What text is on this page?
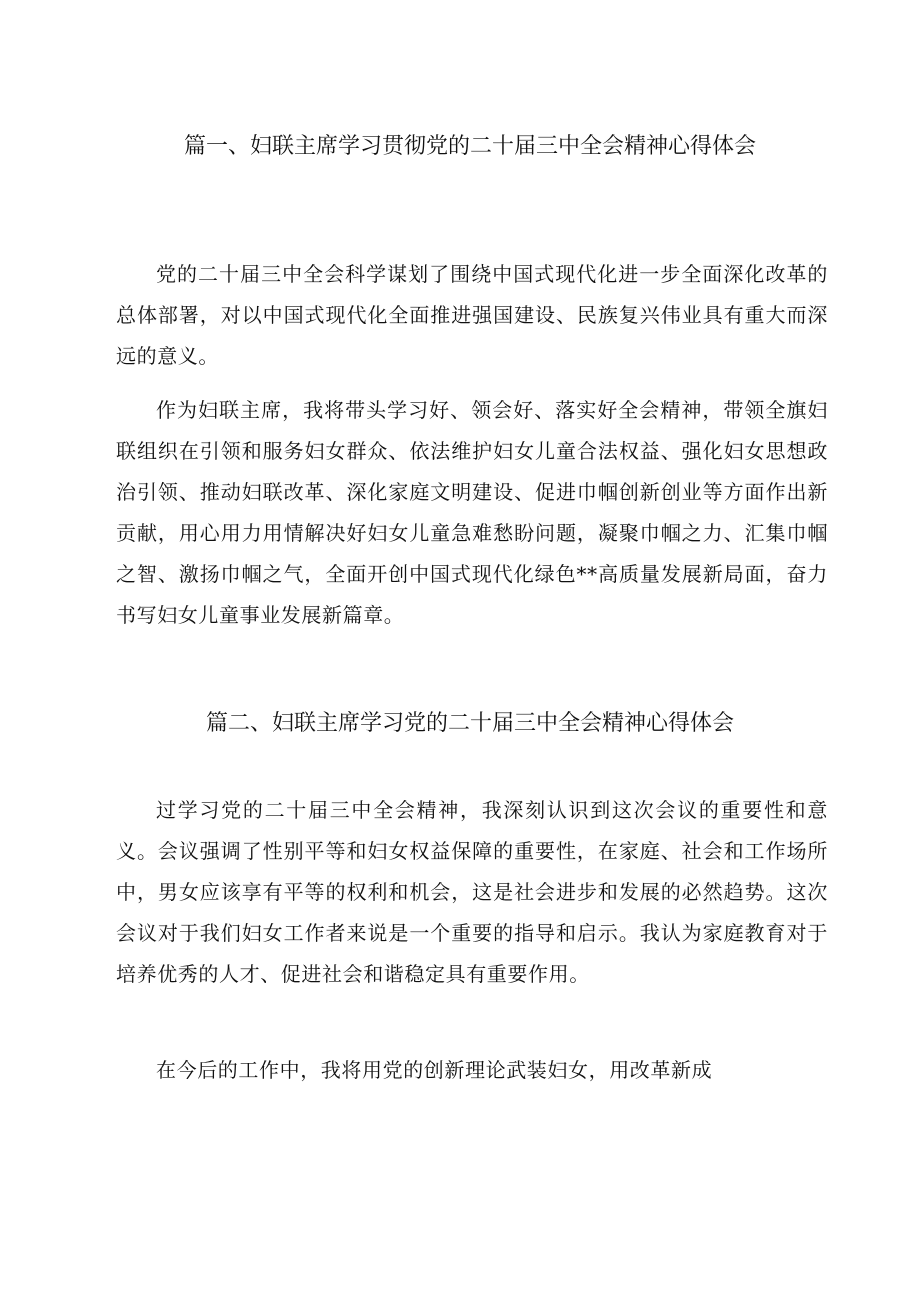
篇一、妇联主席学习贯彻党的二十届三中全会精神心得体会

党的二十届三中全会科学谋划了围绕中国式现代化进一步全面深化改革的总体部署，对以中国式现代化全面推进强国建设、民族复兴伟业具有重大而深远的意义。

作为妇联主席，我将带头学习好、领会好、落实好全会精神，带领全旗妇联组织在引领和服务妇女群众、依法维护妇女儿童合法权益、强化妇女思想政治引领、推动妇联改革、深化家庭文明建设、促进巾帼创新创业等方面作出新贡献，用心用力用情解决好妇女儿童急难愁盼问题，凝聚巾帼之力、汇集巾帼之智、激扬巾帼之气，全面开创中国式现代化绿色**高质量发展新局面，奋力书写妇女儿童事业发展新篇章。

篇二、妇联主席学习党的二十届三中全会精神心得体会

过学习党的二十届三中全会精神，我深刻认识到这次会议的重要性和意义。会议强调了性别平等和妇女权益保障的重要性，在家庭、社会和工作场所中，男女应该享有平等的权利和机会，这是社会进步和发展的必然趋势。这次会议对于我们妇女工作者来说是一个重要的指导和启示。我认为家庭教育对于培养优秀的人才、促进社会和谐稳定具有重要作用。

在今后的工作中，我将用党的创新理论武装妇女，用改革新成
